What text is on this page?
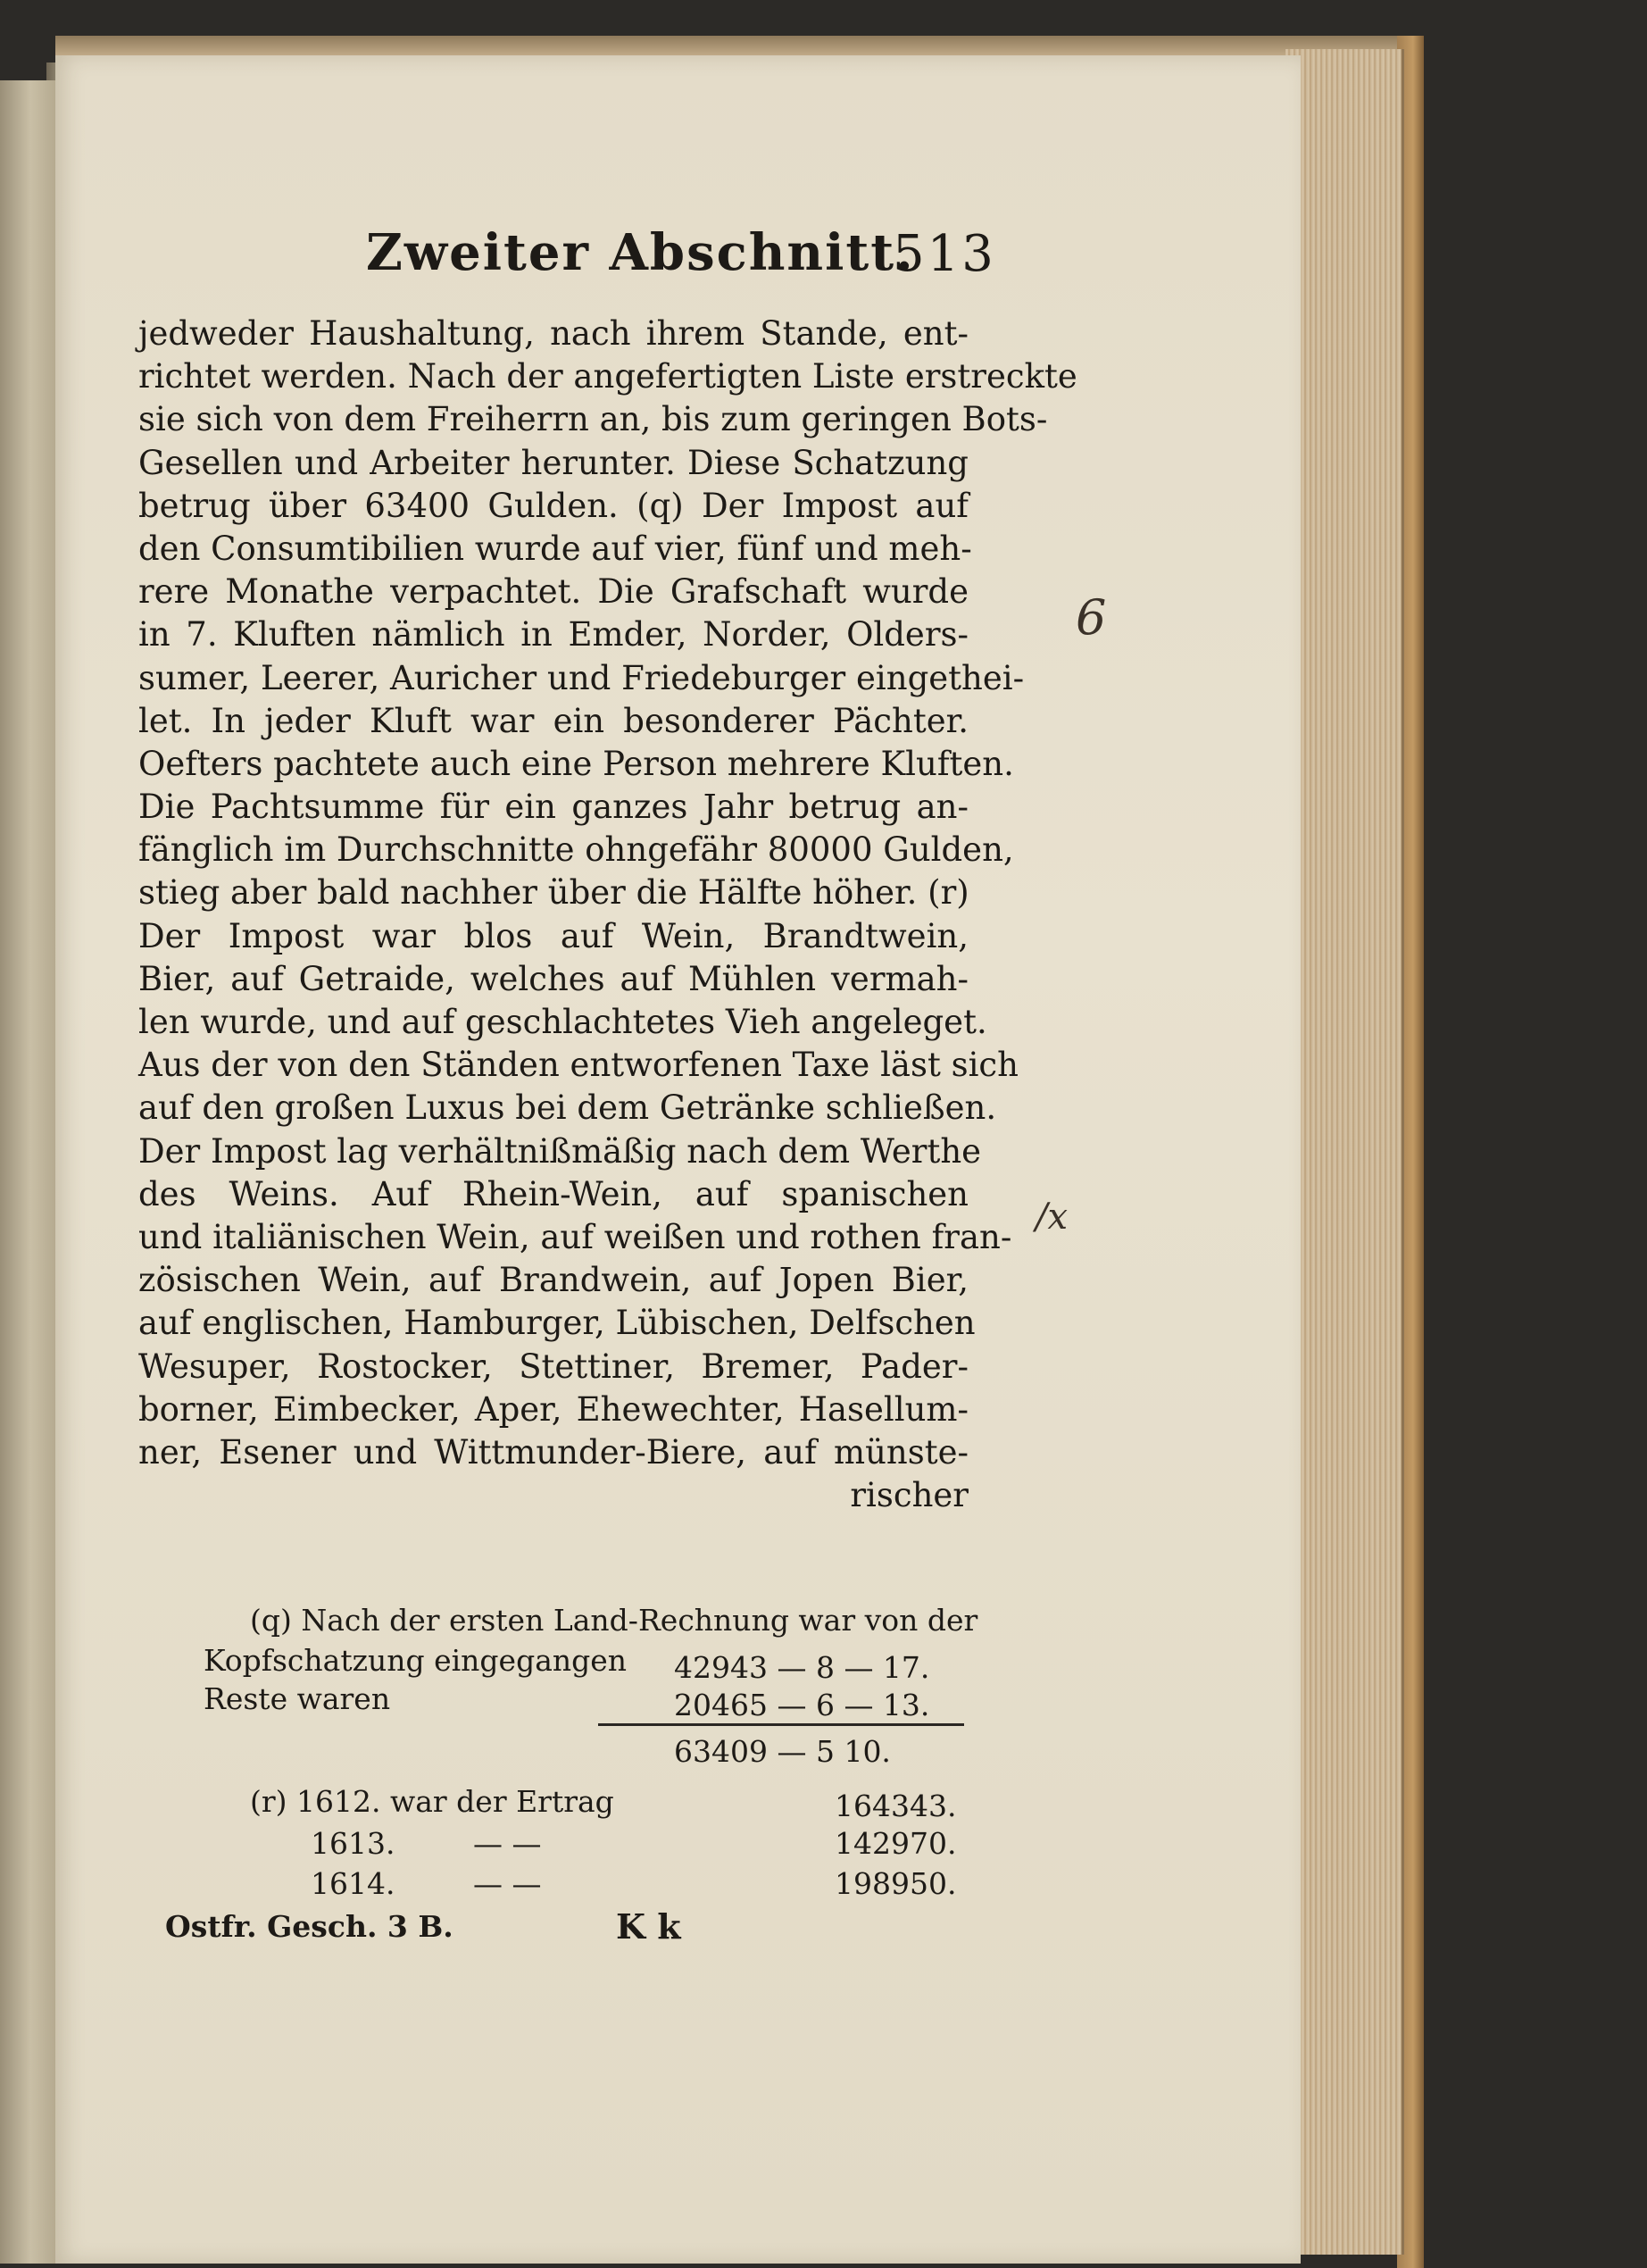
Zweiter Abschnitt.
513
jedweder Haushaltung, nach ihrem Stande, ent-
richtet werden. Nach der angefertigten Liste erstreckte
sie sich von dem Freiherrn an, bis zum geringen Bots-
Gesellen und Arbeiter herunter. Diese Schatzung
betrug über 63400 Gulden. (q) Der Impost auf
den Consumtibilien wurde auf vier, fünf und meh-
rere Monathe verpachtet. Die Grafschaft wurde
in 7. Kluften nämlich in Emder, Norder, Olders-
sumer, Leerer, Auricher und Friedeburger eingethei-
let. In jeder Kluft war ein besonderer Pächter.
Oefters pachtete auch eine Person mehrere Kluften.
Die Pachtsumme für ein ganzes Jahr betrug an-
fänglich im Durchschnitte ohngefähr 80000 Gulden,
stieg aber bald nachher über die Hälfte höher. (r)
Der Impost war blos auf Wein, Brandtwein,
Bier, auf Getraide, welches auf Mühlen vermah-
len wurde, und auf geschlachtetes Vieh angeleget.
Aus der von den Ständen entworfenen Taxe läst sich
auf den großen Luxus bei dem Getränke schließen.
Der Impost lag verhältnißmäßig nach dem Werthe
des Weins. Auf Rhein-Wein, auf spanischen
und italiänischen Wein, auf weißen und rothen fran-
zösischen Wein, auf Brandwein, auf Jopen Bier,
auf englischen, Hamburger, Lübischen, Delfschen
Wesuper, Rostocker, Stettiner, Bremer, Pader-
borner, Eimbecker, Aper, Ehewechter, Hasellum-
ner, Esener und Wittmunder-Biere, auf münste-
rischer
(q) Nach der ersten Land-Rechnung war von der
Kopfschatzung eingegangen 42943 — 8 — 17.
Reste waren	20465 — 6 — 13.
63409 — 5 10.
(r) 1612. war der Ertrag	164343.
1613.	— —	142970.
1614.	— —	198950.
Ostfr. Gesch. 3 B.	K k
6
/x
